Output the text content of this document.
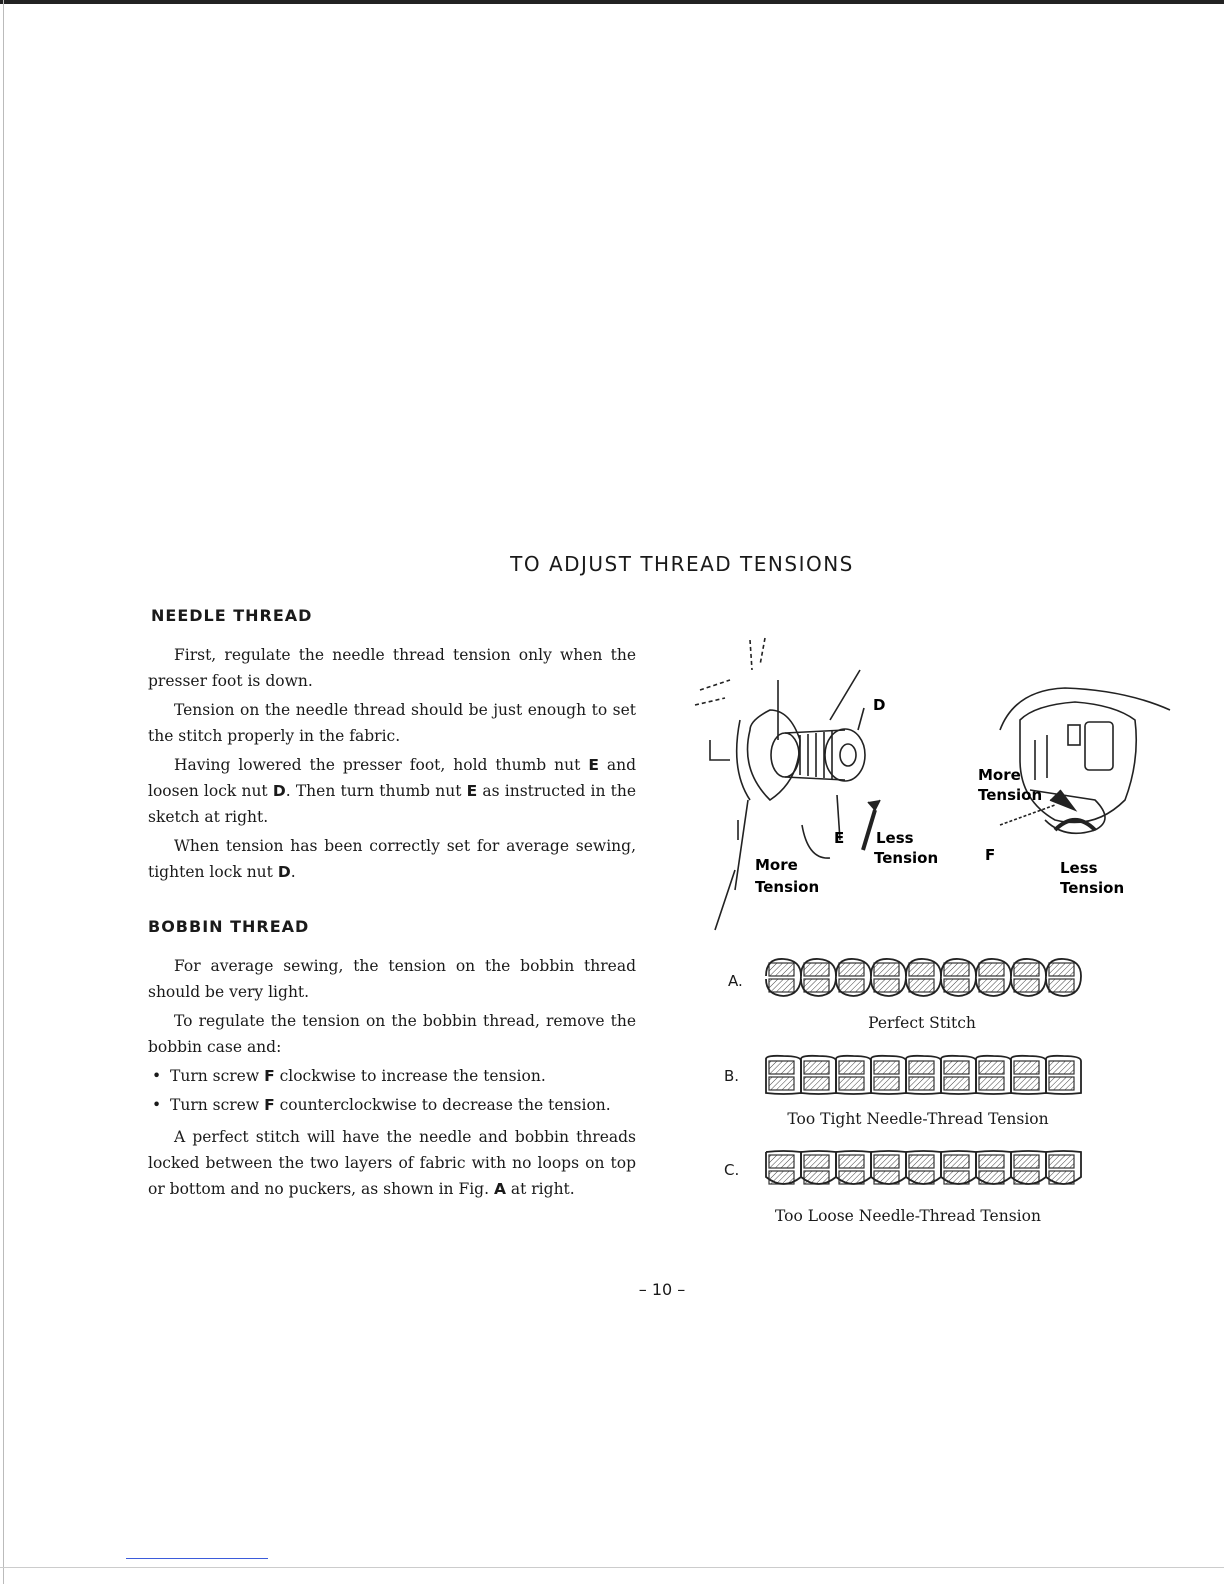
TO ADJUST THREAD TENSIONS
NEEDLE THREAD

First, regulate the needle thread tension only when the presser foot is down.

Tension on the needle thread should be just enough to set the stitch properly in the fabric.

Having lowered the presser foot, hold thumb nut E and loosen lock nut D. Then turn thumb nut E as instructed in the sketch at right.

When tension has been correctly set for average sewing, tighten lock nut D.

BOBBIN THREAD

For average sewing, the tension on the bobbin thread should be very light.

To regulate the tension on the bobbin thread, remove the bobbin case and:

• Turn screw F clockwise to increase the tension.
• Turn screw F counterclockwise to decrease the tension.

A perfect stitch will have the needle and bobbin threads locked between the two layers of fabric with no loops on top or bottom and no puckers, as shown in Fig. A at right.

D
E Less
Tension
More
Tension
More
Tension
F
Less
Tension
A.
Perfect Stitch
B.
Too Tight Needle-Thread Tension
C.
Too Loose Needle-Thread Tension
– 10 –
